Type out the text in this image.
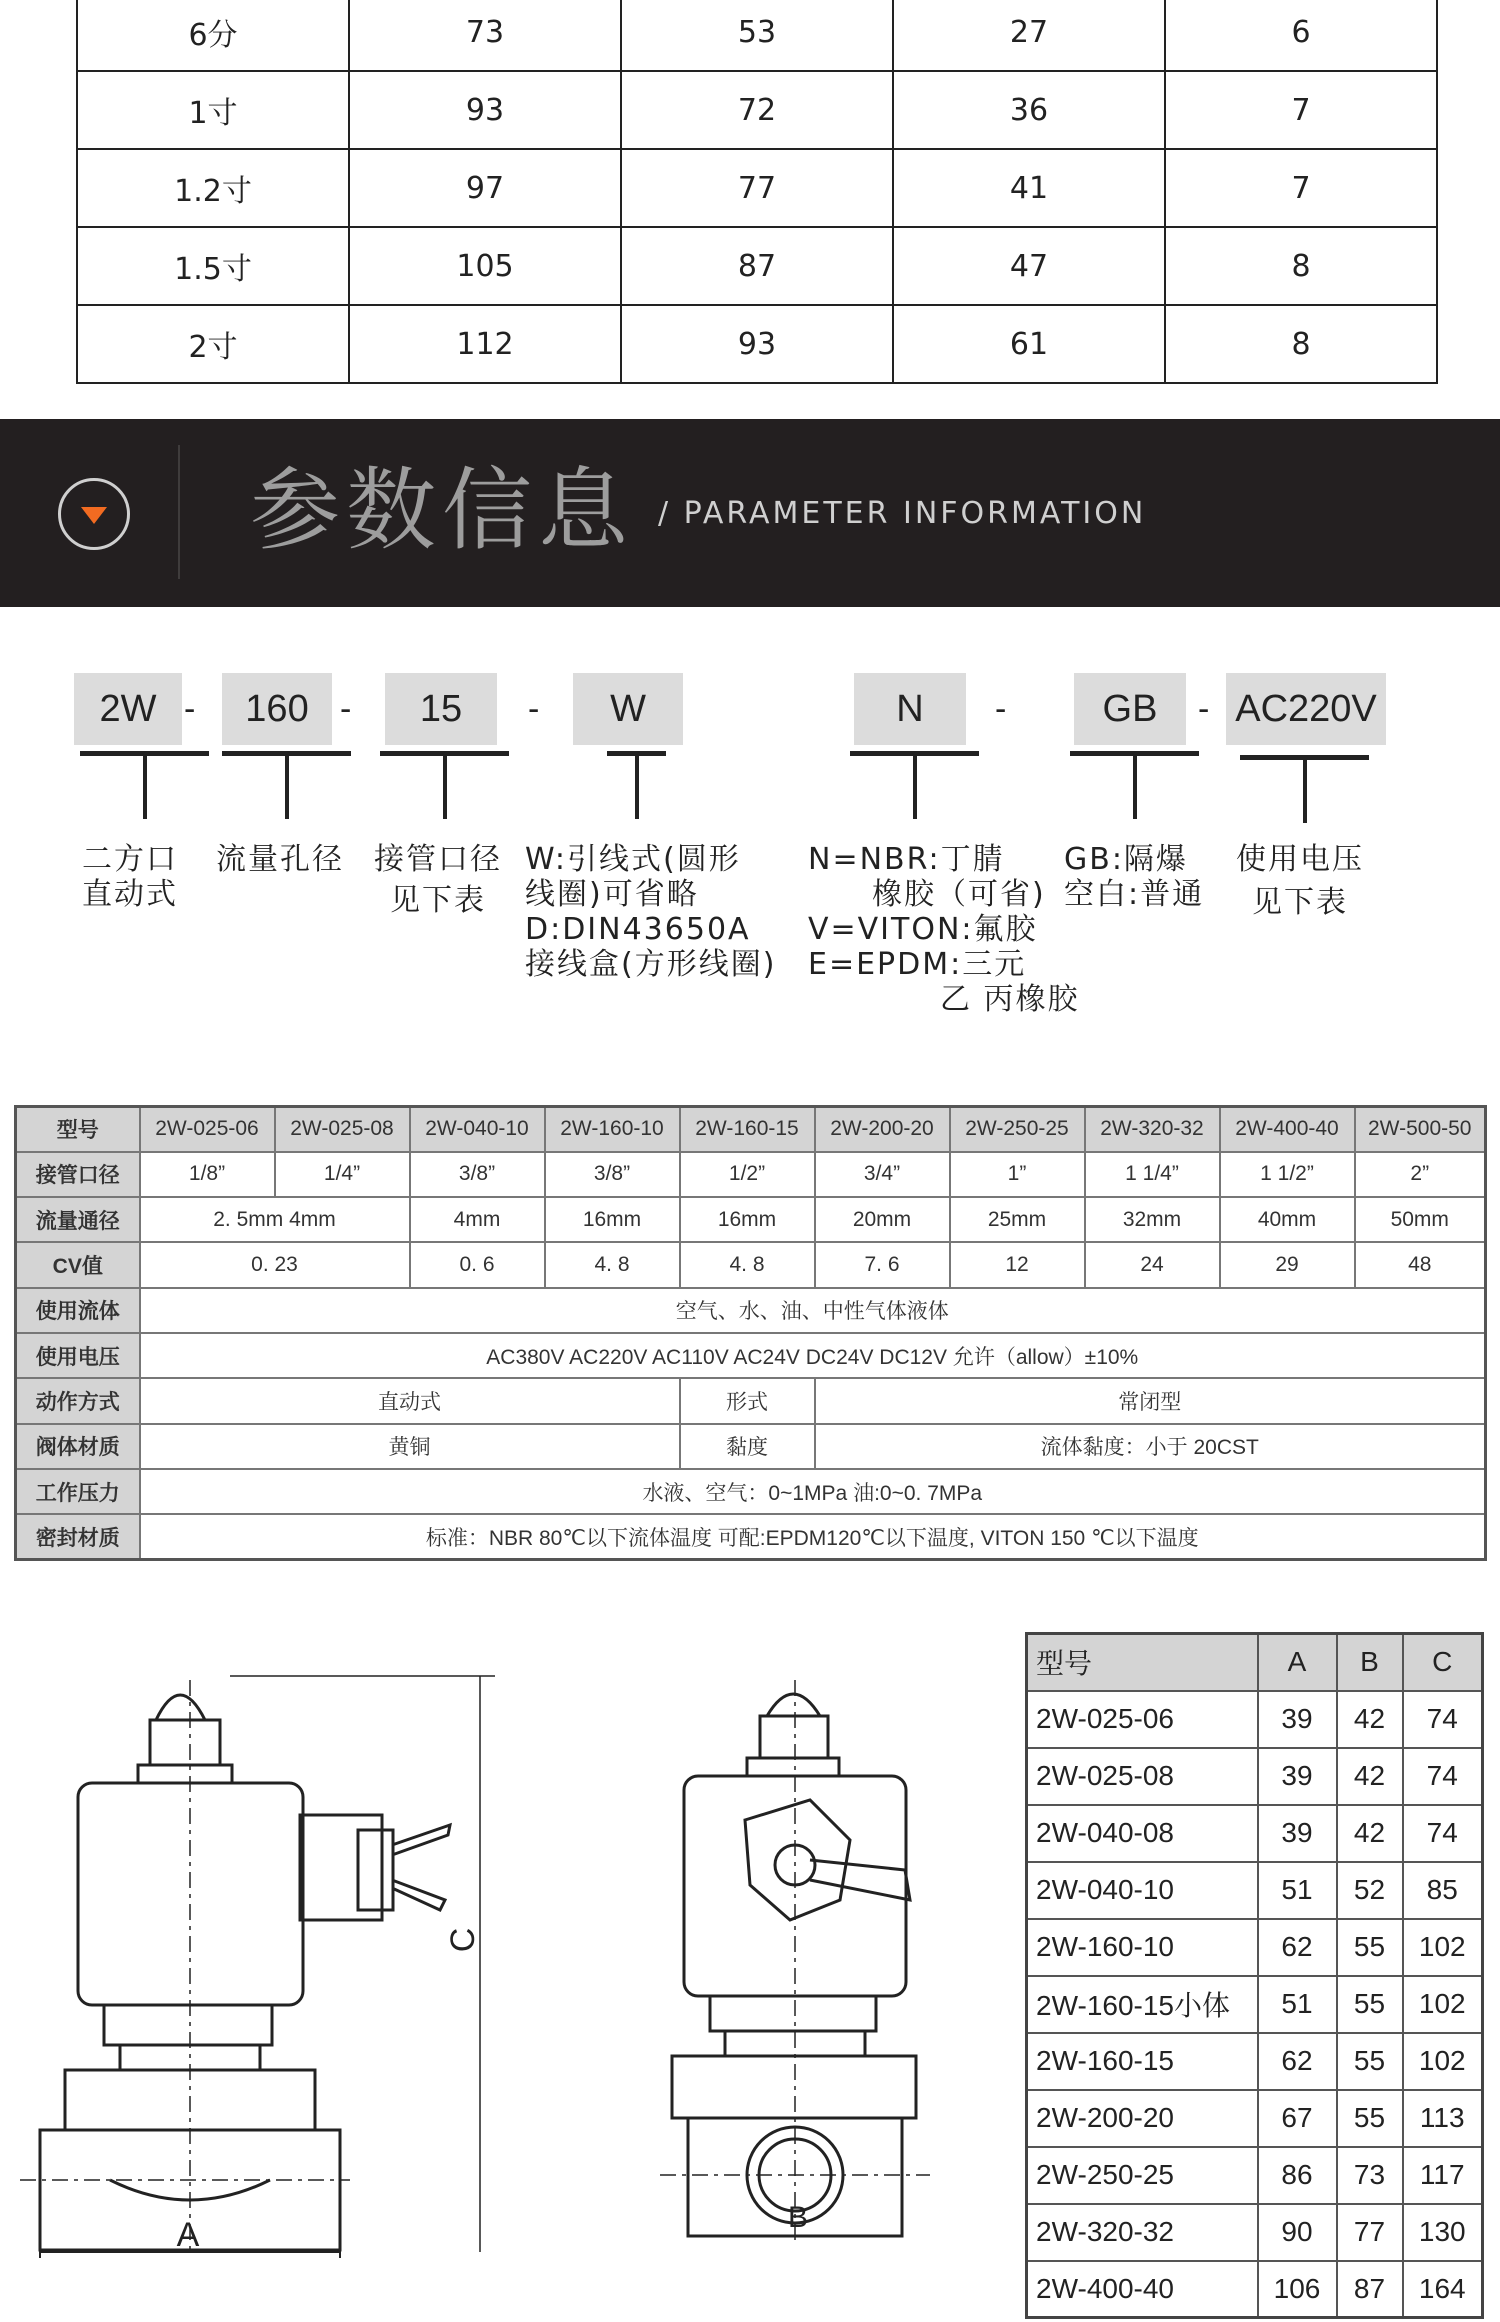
6分	73	53	27	6
1寸	93	72	36	7
1.2寸	97	77	41	7
1.5寸	105	87	47	8
2寸	112	93	61	8
参数信息 / PARAMETER INFORMATION
2W -	160 -	15	-	W	N	-	GB	- AC220V
二方口
直动式
流量孔径 接管口径
见下表
W:引线式(圆形
线圈)可省略
D:DIN43650A
接线盒(方形线圈)
N=NBR:丁腈
橡胶（可省)
V=VITON:氟胶
E=EPDM:三元
乙 丙橡胶
GB:隔爆
空白:普通
使用电压
见下表
型号	2W-025-06	2W-025-08	2W-040-10	2W-160-10	2W-160-15	2W-200-20	2W-250-25	2W-320-32	2W-400-40	2W-500-50
接管口径	1/8”	1/4”	3/8”	3/8”	1/2”	3/4”	1”	1 1/4”	1 1/2”	2”
流量通径	2. 5mm 4mm		4mm	16mm	16mm	20mm	25mm	32mm	40mm	50mm
CV值	0. 23		0. 6	4. 8	4. 8	7. 6	12	24	29	48
使用流体	空气、水、油、中性气体液体									
使用电压	AC380V AC220V AC110V AC24V DC24V DC12V 允许（allow）±10%									
动作方式	直动式				形式	常闭型				
阀体材质	黄铜				黏度	流体黏度：小于 20CST				
工作压力	水液、空气：0~1MPa 油:0~0. 7MPa									
密封材质	标准：NBR 80℃以下流体温度 可配:EPDM120℃以下温度, VITON 150 ℃以下温度									
A
C
B
型号	A	B	C
2W-025-06	39	42	74
2W-025-08	39	42	74
2W-040-08	39	42	74
2W-040-10	51	52	85
2W-160-10	62	55	102
2W-160-15小体	51	55	102
2W-160-15	62	55	102
2W-200-20	67	55	113
2W-250-25	86	73	117
2W-320-32	90	77	130
2W-400-40	106	87	164
